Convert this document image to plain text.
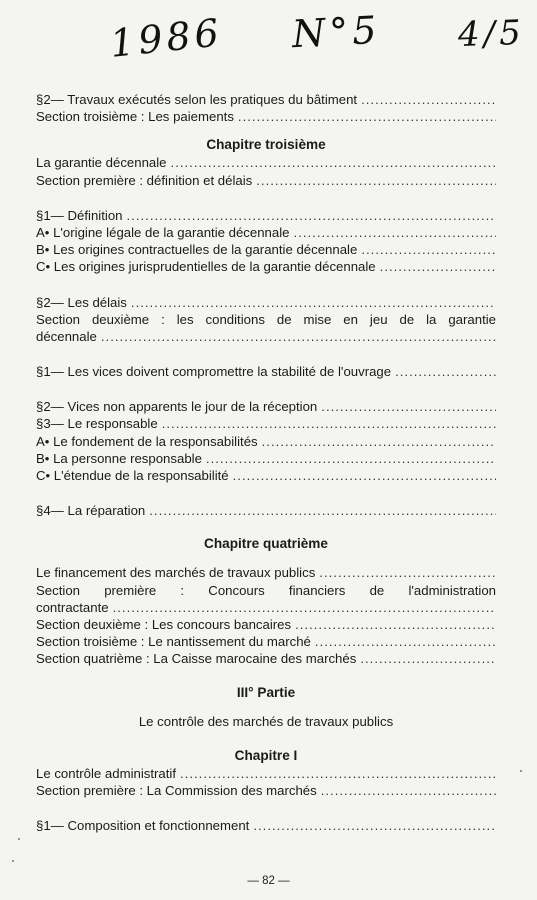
1986 N°5 4/5
§2— Travaux exécutés selon les pratiques du bâtiment
.....
Section troisième : Les paiements
.....
Chapitre troisième
La garantie décennale
.....
Section première : définition et délais
.....
§1— Définition
.....
A• L'origine légale de la garantie décennale
.....
B• Les origines contractuelles de la garantie décennale
.....
C• Les origines jurisprudentielles de la garantie décennale
.....
§2— Les délais
.....
Section deuxième : les conditions de mise en jeu de la garantie
décennale
.....
§1— Les vices doivent compromettre la stabilité de l'ouvrage
.....
§2— Vices non apparents le jour de la réception
.....
§3— Le responsable
.....
A• Le fondement de la responsabilités
.....
B• La personne responsable
.....
C• L'étendue de la responsabilité
.....
§4— La réparation
.....
Chapitre quatrième
Le financement des marchés de travaux publics
.....
Section première : Concours financiers de l'administration
contractante
.....
Section deuxième : Les concours bancaires
.....
Section troisième : Le nantissement du marché
.....
Section quatrième : La Caisse marocaine des marchés
.....
III° Partie
Le contrôle des marchés de travaux publics
Chapitre I
Le contrôle administratif
.....
Section première : La Commission des marchés
.....
§1— Composition et fonctionnement
.....
— 82 —
